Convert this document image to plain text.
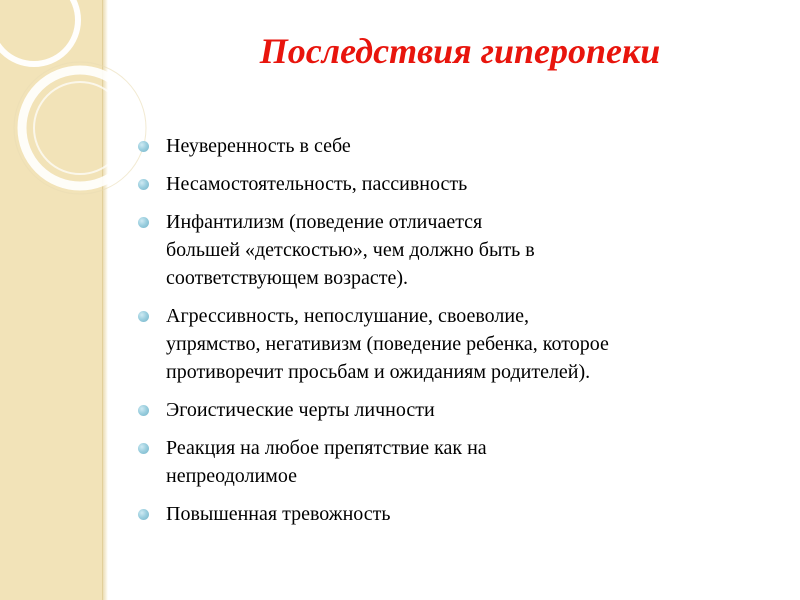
Последствия гиперопеки
Неуверенность в себе
Несамостоятельность, пассивность
Инфантилизм (поведение отличается
большей «детскостью», чем должно быть в
соответствующем возрасте).
Агрессивность, непослушание, своеволие,
упрямство, негативизм (поведение ребенка, которое
противоречит просьбам и ожиданиям родителей).
Эгоистические черты личности
Реакция на любое препятствие как на
непреодолимое
Повышенная тревожность
